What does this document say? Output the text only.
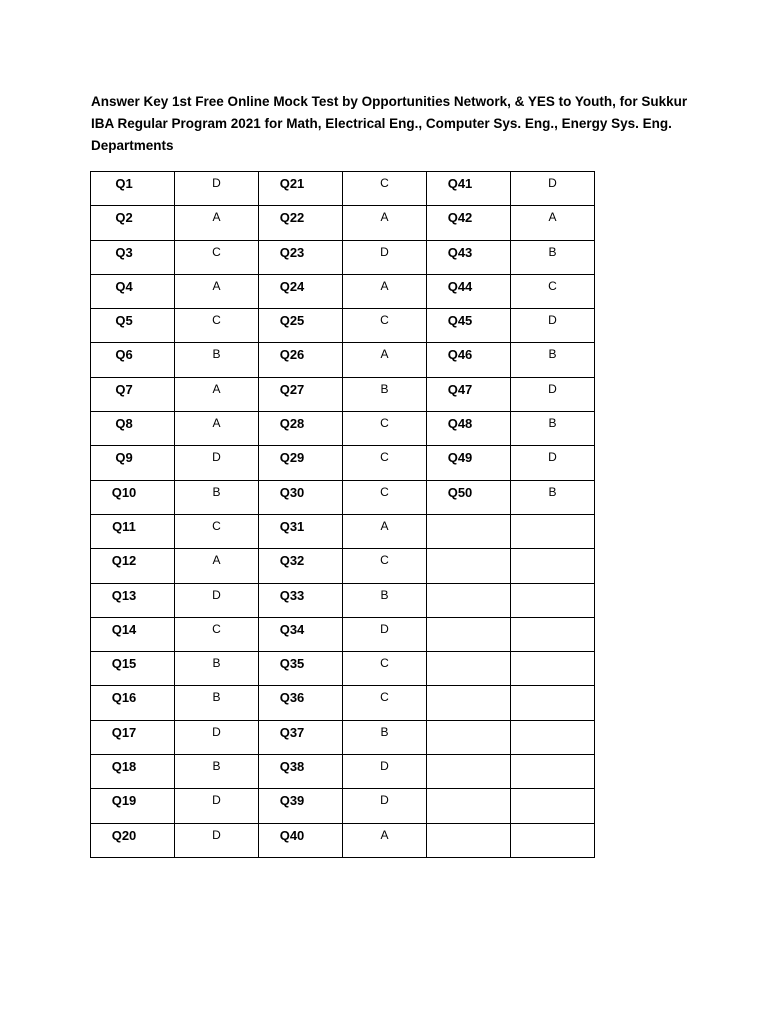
Answer Key 1st Free Online Mock Test by Opportunities Network, & YES to Youth, for Sukkur
IBA Regular Program 2021 for Math, Electrical Eng., Computer Sys. Eng., Energy Sys. Eng.
Departments

Q1	D	Q21	C	Q41	D
Q2	A	Q22	A	Q42	A
Q3	C	Q23	D	Q43	B
Q4	A	Q24	A	Q44	C
Q5	C	Q25	C	Q45	D
Q6	B	Q26	A	Q46	B
Q7	A	Q27	B	Q47	D
Q8	A	Q28	C	Q48	B
Q9	D	Q29	C	Q49	D
Q10	B	Q30	C	Q50	B
Q11	C	Q31	A		
Q12	A	Q32	C		
Q13	D	Q33	B		
Q14	C	Q34	D		
Q15	B	Q35	C		
Q16	B	Q36	C		
Q17	D	Q37	B		
Q18	B	Q38	D		
Q19	D	Q39	D		
Q20	D	Q40	A		
